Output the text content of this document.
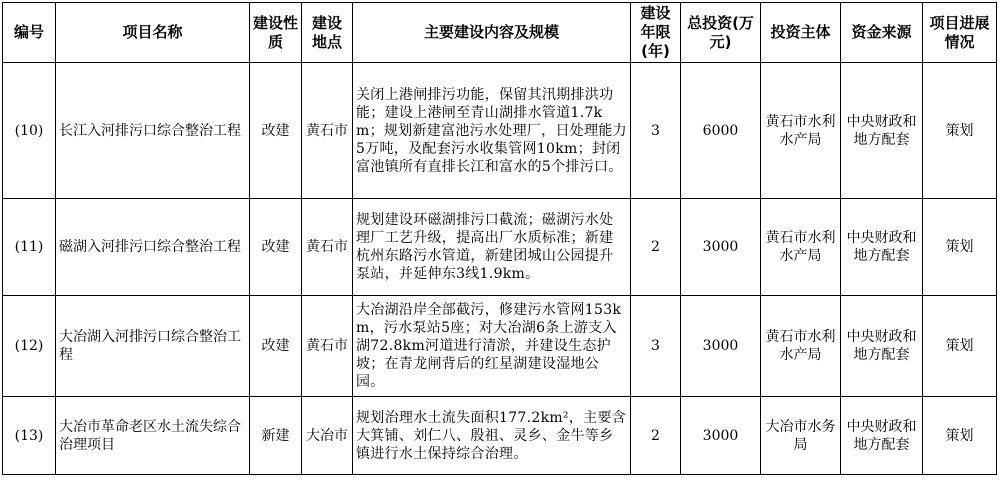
编号	项目名称	建设性质	建设地点	主要建设内容及规模	建设年限(年)	总投资(万元)	投资主体	资金来源	项目进展情况
(10)	长江入河排污口综合整治工程	改建	黄石市	关闭上港闸排污功能，保留其汛期排洪功能；建设上港闸至青山湖排水管道1.7km；规划新建富池污水处理厂，日处理能力5万吨，及配套污水收集管网10km；封闭富池镇所有直排长江和富水的5个排污口。	3	6000	黄石市水利水产局	中央财政和地方配套	策划
(11)	磁湖入河排污口综合整治工程	改建	黄石市	规划建设环磁湖排污口截流；磁湖污水处理厂工艺升级，提高出厂水质标准；新建杭州东路污水管道，新建团城山公园提升泵站，并延伸东3线1.9km。	2	3000	黄石市水利水产局	中央财政和地方配套	策划
(12)	大冶湖入河排污口综合整治工程	改建	黄石市	大冶湖沿岸全部截污，修建污水管网153km，污水泵站5座；对大冶湖6条上游支入湖72.8km河道进行清淤，并建设生态护坡；在青龙闸背后的红星湖建设湿地公园。	3	3000	黄石市水利水产局	中央财政和地方配套	策划
(13)	大冶市革命老区水土流失综合治理项目	新建	大冶市	规划治理水土流失面积177.2km²，主要含大箕铺、刘仁八、殷祖、灵乡、金牛等乡镇进行水土保持综合治理。	2	3000	大冶市水务局	中央财政和地方配套	策划
